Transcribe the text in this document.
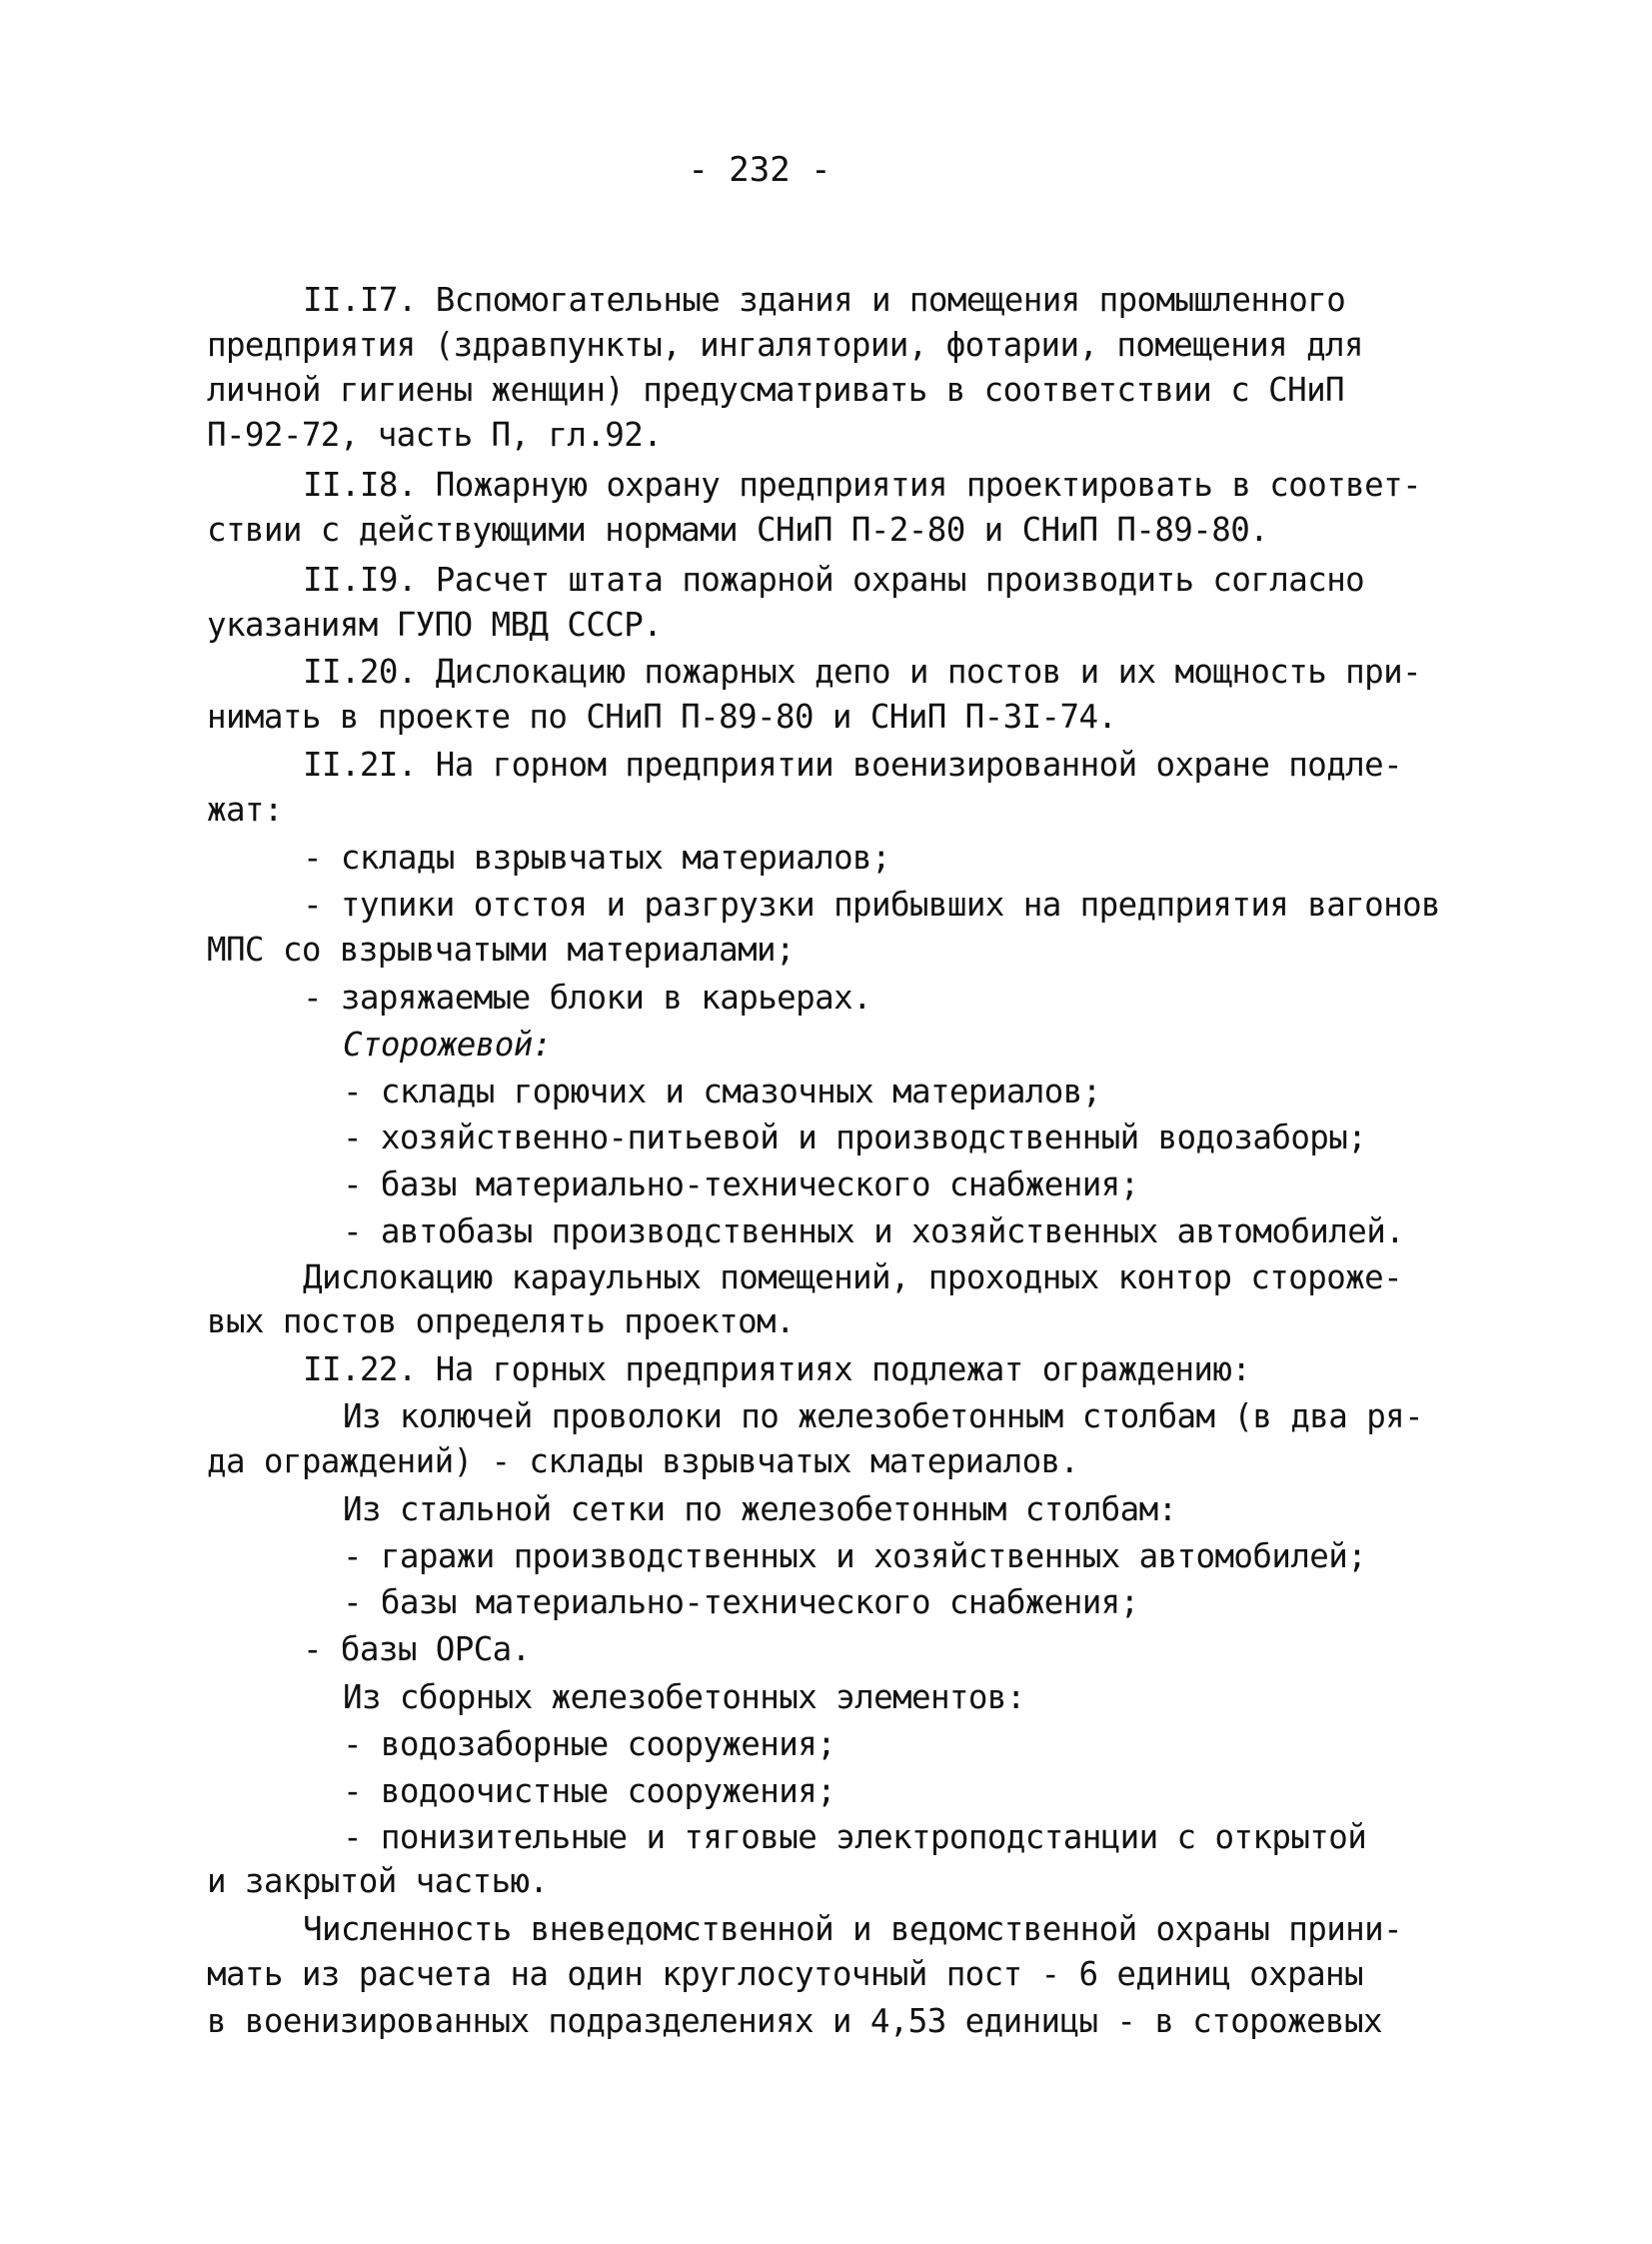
- 232 -
II.I7. Вспомогательные здания и помещения промышленного
предприятия (здравпункты, ингалятории, фотарии, помещения для
личной гигиены женщин) предусматривать в соответствии с СНиП
П-92-72, часть П, гл.92.
II.I8. Пожарную охрану предприятия проектировать в соответ-
ствии с действующими нормами СНиП П-2-80 и СНиП П-89-80.
II.I9. Расчет штата пожарной охраны производить согласно
указаниям ГУПО МВД СССР.
II.20. Дислокацию пожарных депо и постов и их мощность при-
нимать в проекте по СНиП П-89-80 и СНиП П-3I-74.
II.2I. На горном предприятии военизированной охране подле-
жат:
- склады взрывчатых материалов;
- тупики отстоя и разгрузки прибывших на предприятия вагонов
МПС со взрывчатыми материалами;
- заряжаемые блоки в карьерах.
Сторожевой:
- склады горючих и смазочных материалов;
- хозяйственно-питьевой и производственный водозаборы;
- базы материально-технического снабжения;
- автобазы производственных и хозяйственных автомобилей.
Дислокацию караульных помещений, проходных контор стороже-
вых постов определять проектом.
II.22. На горных предприятиях подлежат ограждению:
Из колючей проволоки по железобетонным столбам (в два ря-
да ограждений) - склады взрывчатых материалов.
Из стальной сетки по железобетонным столбам:
- гаражи производственных и хозяйственных автомобилей;
- базы материально-технического снабжения;
- базы ОРСа.
Из сборных железобетонных элементов:
- водозаборные сооружения;
- водоочистные сооружения;
- понизительные и тяговые электроподстанции с открытой
и закрытой частью.
Численность вневедомственной и ведомственной охраны прини-
мать из расчета на один круглосуточный пост - 6 единиц охраны
в военизированных подразделениях и 4,53 единицы - в сторожевых
